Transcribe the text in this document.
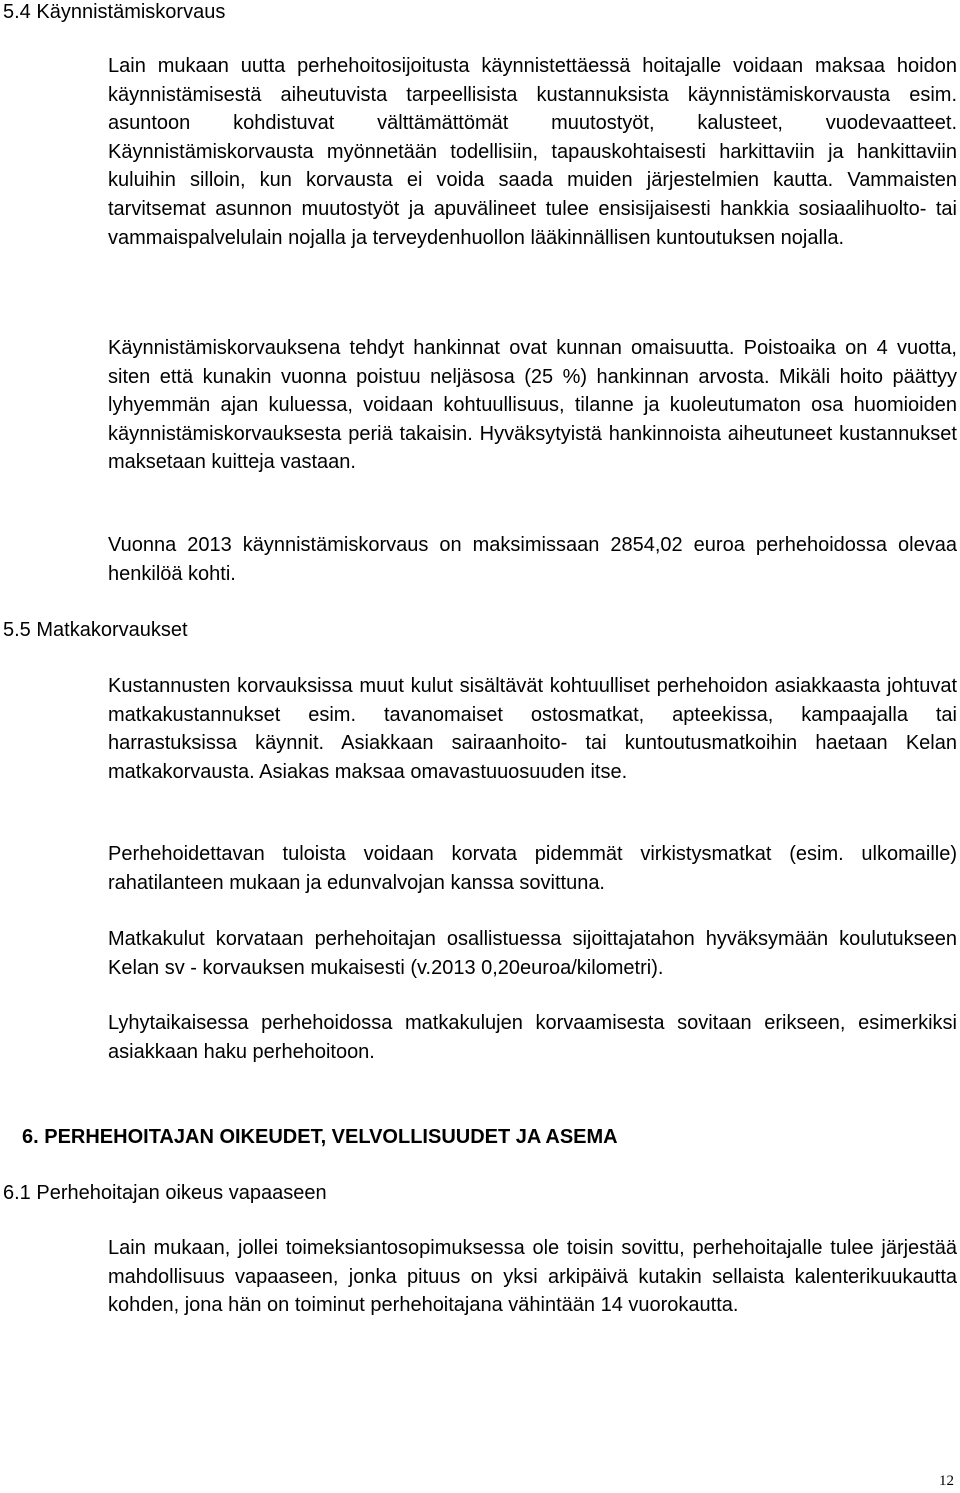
5.4 Käynnistämiskorvaus

Lain mukaan uutta perhehoitosijoitusta käynnistettäessä hoitajalle voidaan maksaa hoidon käynnistämisestä aiheutuvista tarpeellisista kustannuksista käynnistämiskorvausta esim. asuntoon kohdistuvat välttämättömät muutostyöt, kalusteet, vuodevaatteet. Käynnistämiskorvausta myönnetään todellisiin, tapauskohtaisesti harkittaviin ja hankittaviin kuluihin silloin, kun korvausta ei voida saada muiden järjestelmien kautta. Vammaisten tarvitsemat asunnon muutostyöt ja apuvälineet tulee ensisijaisesti hankkia sosiaalihuolto- tai vammaispalvelulain nojalla ja terveydenhuollon lääkinnällisen kuntoutuksen nojalla.

Käynnistämiskorvauksena tehdyt hankinnat ovat kunnan omaisuutta. Poistoaika on 4 vuotta, siten että kunakin vuonna poistuu neljäsosa (25 %) hankinnan arvosta. Mikäli hoito päättyy lyhyemmän ajan kuluessa, voidaan kohtuullisuus, tilanne ja kuoleutumaton osa huomioiden käynnistämiskorvauksesta periä takaisin. Hyväksytyistä hankinnoista aiheutuneet kustannukset maksetaan kuitteja vastaan.

Vuonna 2013 käynnistämiskorvaus on maksimissaan 2854,02 euroa perhehoidossa olevaa henkilöä kohti.

5.5 Matkakorvaukset

Kustannusten korvauksissa muut kulut sisältävät kohtuulliset perhehoidon asiakkaasta johtuvat matkakustannukset esim. tavanomaiset ostosmatkat, apteekissa, kampaajalla tai harrastuksissa käynnit. Asiakkaan sairaanhoito- tai kuntoutusmatkoihin haetaan Kelan matkakorvausta. Asiakas maksaa omavastuuosuuden itse.

Perhehoidettavan tuloista voidaan korvata pidemmät virkistysmatkat (esim. ulkomaille) rahatilanteen mukaan ja edunvalvojan kanssa sovittuna.

Matkakulut korvataan perhehoitajan osallistuessa sijoittajatahon hyväksymään koulutukseen Kelan sv - korvauksen mukaisesti (v.2013 0,20euroa/kilometri).

Lyhytaikaisessa perhehoidossa matkakulujen korvaamisesta sovitaan erikseen, esimerkiksi asiakkaan haku perhehoitoon.

6. PERHEHOITAJAN OIKEUDET, VELVOLLISUUDET JA ASEMA
6.1 Perhehoitajan oikeus vapaaseen

Lain mukaan, jollei toimeksiantosopimuksessa ole toisin sovittu, perhehoitajalle tulee järjestää mahdollisuus vapaaseen, jonka pituus on yksi arkipäivä kutakin sellaista kalenterikuukautta kohden, jona hän on toiminut perhehoitajana vähintään 14 vuorokautta.

12
